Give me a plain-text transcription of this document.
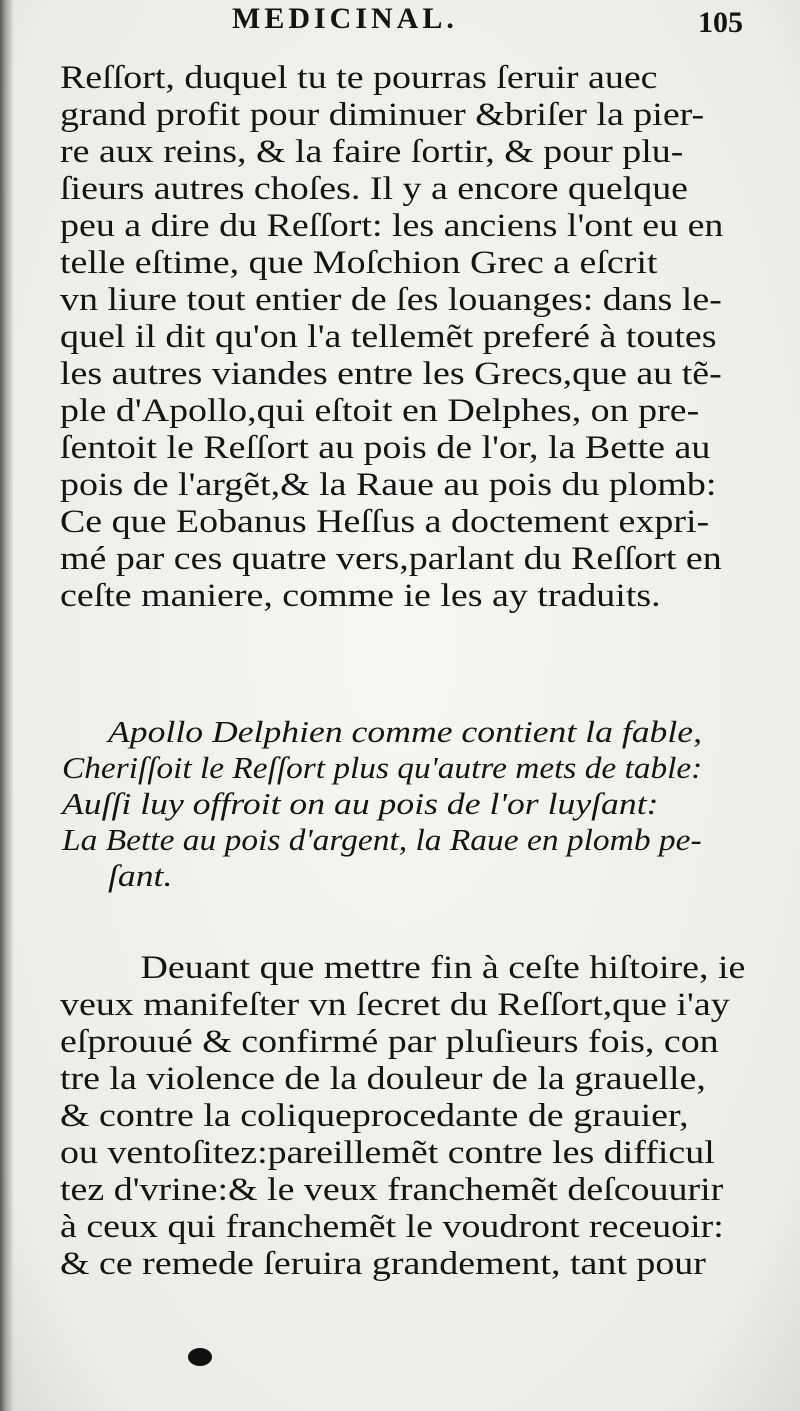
MEDICINAL.	105
Reſſort, duquel tu te pourras ſeruir auec
grand profit pour diminuer &briſer la pier-
re aux reins, & la faire ſortir, & pour plu-
ſieurs autres choſes. Il y a encore quelque
peu a dire du Reſſort: les anciens l'ont eu en
telle eſtime, que Moſchion Grec a eſcrit
vn liure tout entier de ſes louanges: dans le-
quel il dit qu'on l'a tellemẽt preferé à toutes
les autres viandes entre les Grecs,que au tẽ-
ple d'Apollo,qui eſtoit en Delphes, on pre-
ſentoit le Reſſort au pois de l'or, la Bette au
pois de l'argẽt,& la Raue au pois du plomb:
Ce que Eobanus Heſſus a doctement expri-
mé par ces quatre vers,parlant du Reſſort en
ceſte maniere, comme ie les ay traduits.
Apollo Delphien comme contient la fable,
Cheriſſoit le Reſſort plus qu'autre mets de table:
Auſſi luy offroit on au pois de l'or luyſant:
La Bette au pois d'argent, la Raue en plomb pe-
ſant.
Deuant que mettre fin à ceſte hiſtoire, ie
veux manifeſter vn ſecret du Reſſort,que i'ay
eſprouué & confirmé par pluſieurs fois, con
tre la violence de la douleur de la grauelle,
& contre la coliqueprocedante de grauier,
ou ventoſitez:pareillemẽt contre les difficul
tez d'vrine:& le veux franchemẽt deſcouurir
à ceux qui franchemẽt le voudront receuoir:
& ce remede ſeruira grandement, tant pour
